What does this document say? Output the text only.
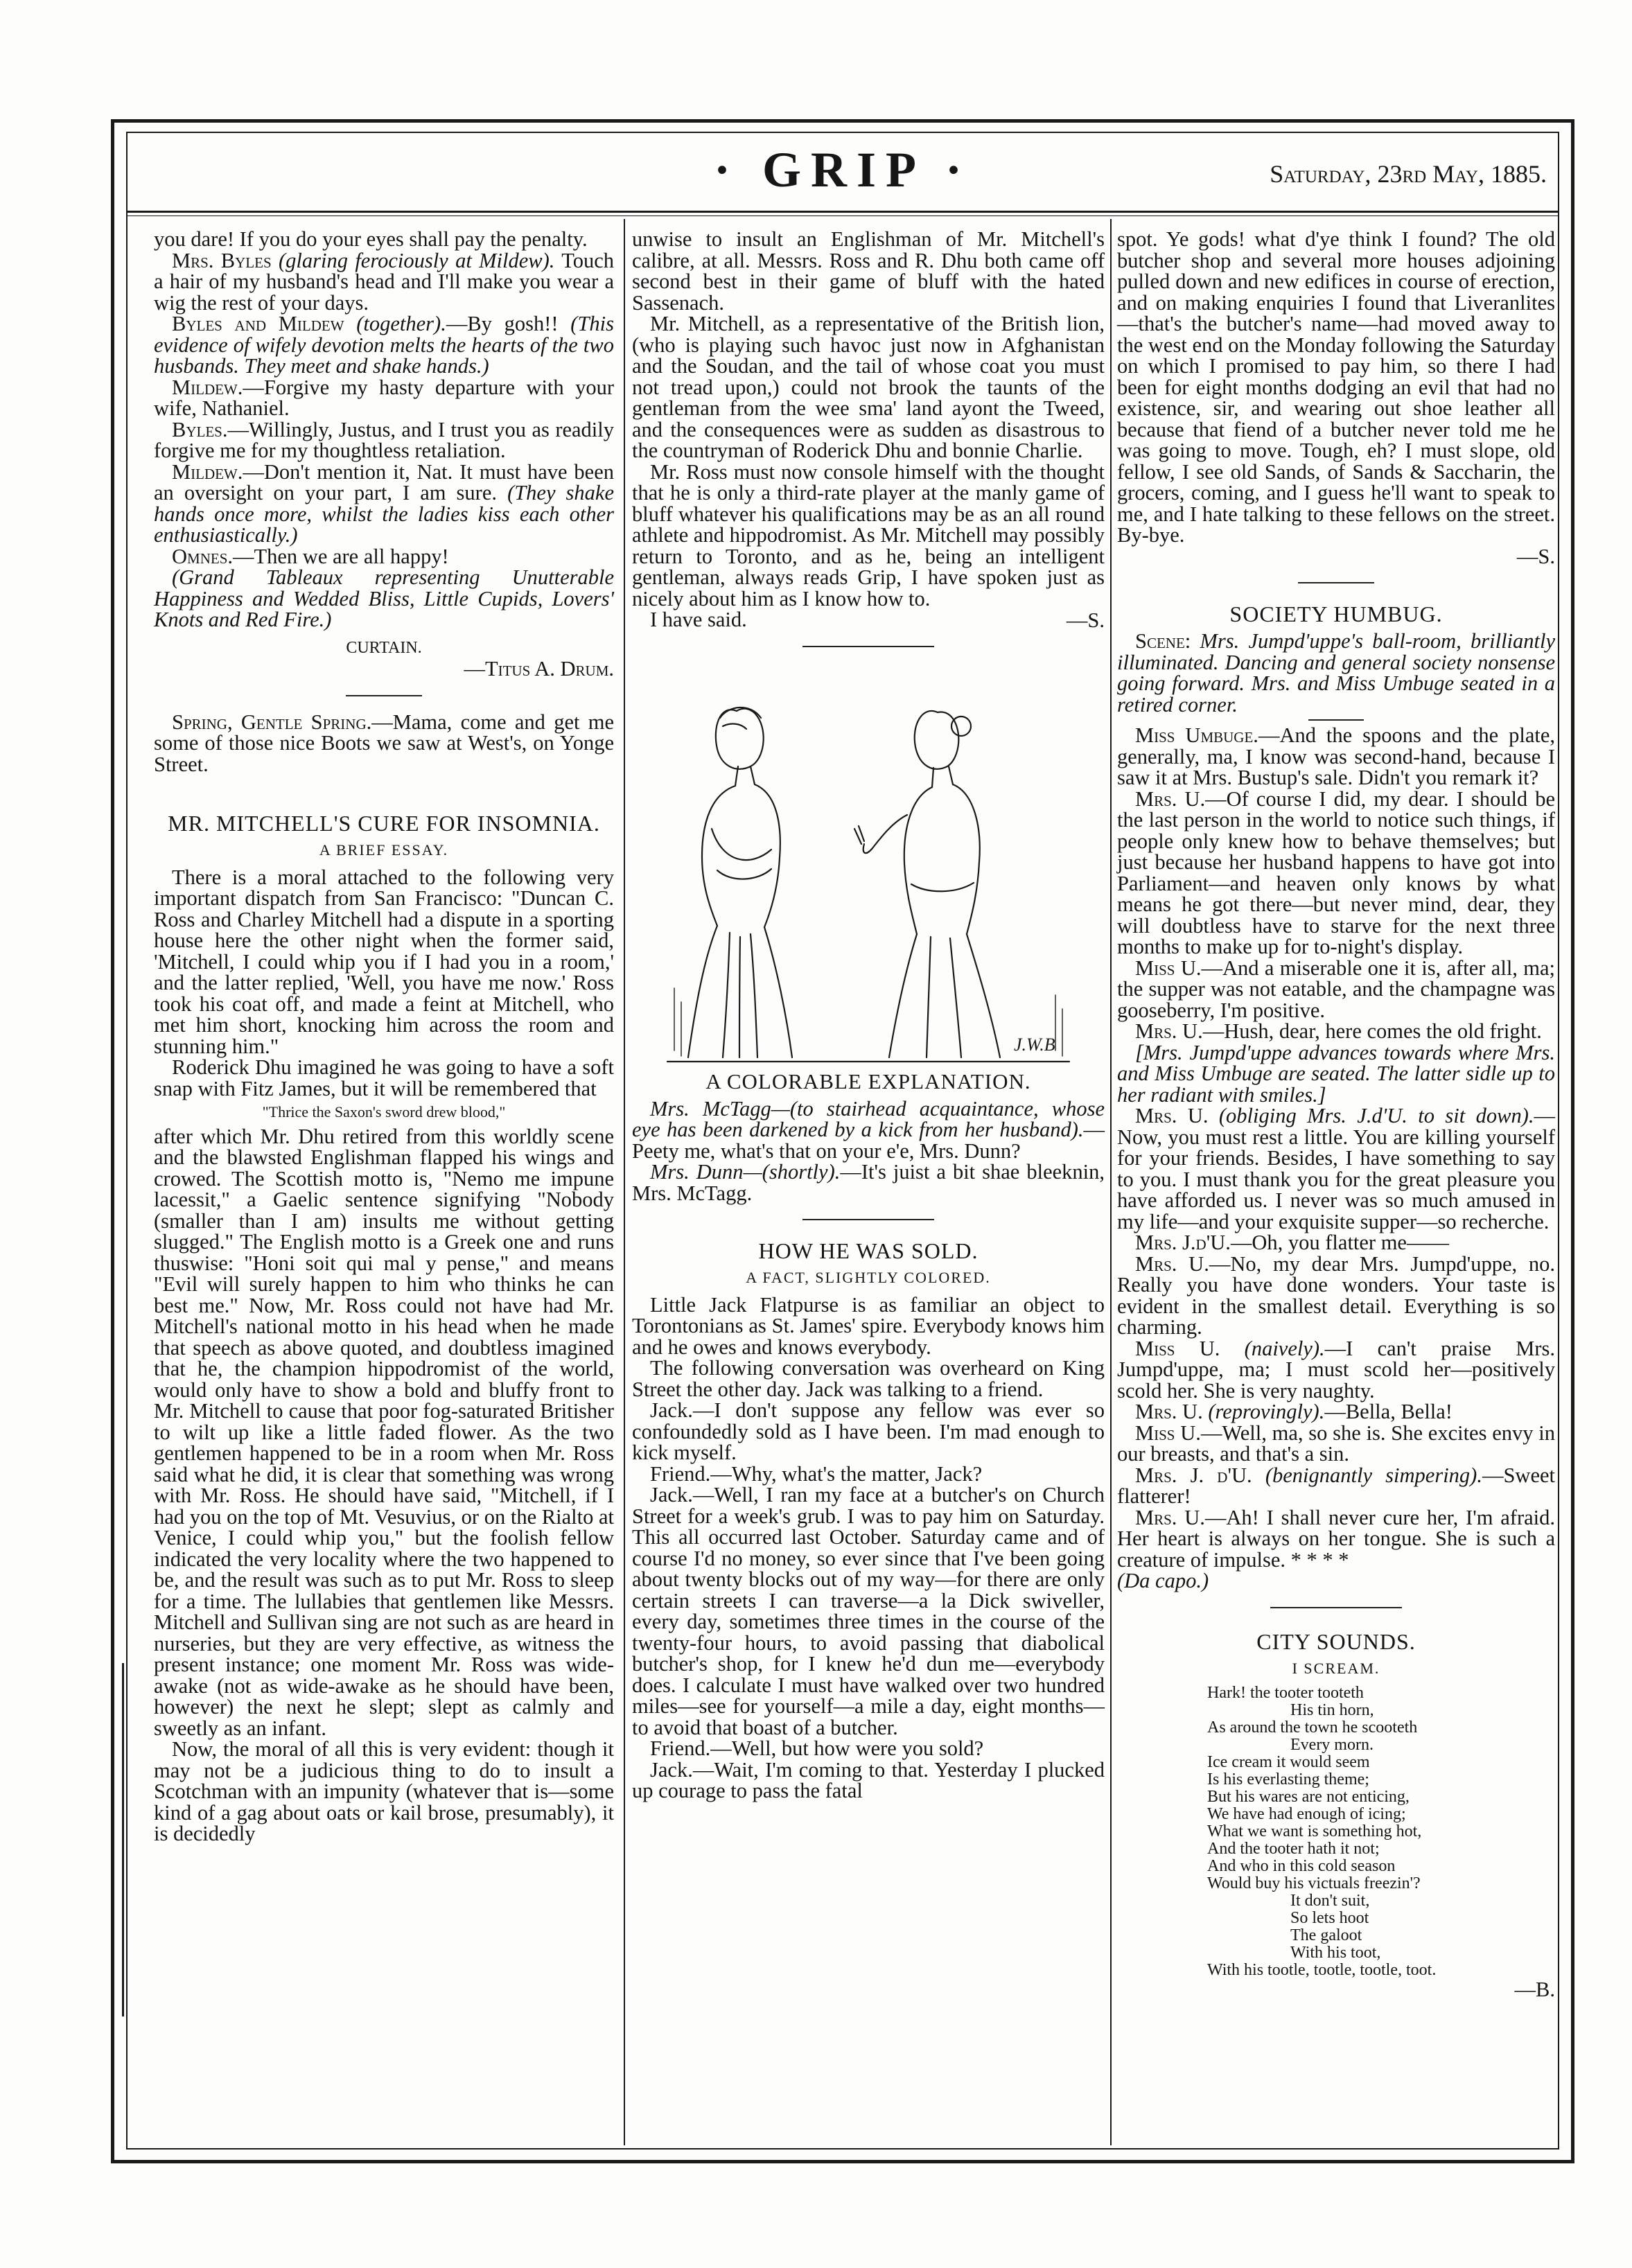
· GRIP ·	Saturday, 23rd May, 1885.

you dare! If you do your eyes shall pay the penalty.

Mrs. Byles (glaring ferociously at Mildew). Touch a hair of my husband's head and I'll make you wear a wig the rest of your days.

Byles and Mildew (together).—By gosh!! (This evidence of wifely devotion melts the hearts of the two husbands. They meet and shake hands.)

Mildew.—Forgive my hasty departure with your wife, Nathaniel.

Byles.—Willingly, Justus, and I trust you as readily forgive me for my thoughtless retaliation.

Mildew.—Don't mention it, Nat. It must have been an oversight on your part, I am sure. (They shake hands once more, whilst the ladies kiss each other enthusiastically.)

Omnes.—Then we are all happy!

(Grand Tableaux representing Unutterable Happiness and Wedded Bliss, Little Cupids, Lovers' Knots and Red Fire.)

CURTAIN.

—Titus A. Drum.

Spring, Gentle Spring.—Mama, come and get me some of those nice Boots we saw at West's, on Yonge Street.

MR. MITCHELL'S CURE FOR INSOMNIA.
A BRIEF ESSAY.

There is a moral attached to the following very important dispatch from San Francisco: "Duncan C. Ross and Charley Mitchell had a dispute in a sporting house here the other night when the former said, 'Mitchell, I could whip you if I had you in a room,' and the latter replied, 'Well, you have me now.' Ross took his coat off, and made a feint at Mitchell, who met him short, knocking him across the room and stunning him."

Roderick Dhu imagined he was going to have a soft snap with Fitz James, but it will be remembered that

"Thrice the Saxon's sword drew blood,"

after which Mr. Dhu retired from this worldly scene and the blawsted Englishman flapped his wings and crowed. The Scottish motto is, "Nemo me impune lacessit," a Gaelic sentence signifying "Nobody (smaller than I am) insults me without getting slugged." The English motto is a Greek one and runs thuswise: "Honi soit qui mal y pense," and means "Evil will surely happen to him who thinks he can best me." Now, Mr. Ross could not have had Mr. Mitchell's national motto in his head when he made that speech as above quoted, and doubtless imagined that he, the champion hippodromist of the world, would only have to show a bold and bluffy front to Mr. Mitchell to cause that poor fog-saturated Britisher to wilt up like a little faded flower. As the two gentlemen happened to be in a room when Mr. Ross said what he did, it is clear that something was wrong with Mr. Ross. He should have said, "Mitchell, if I had you on the top of Mt. Vesuvius, or on the Rialto at Venice, I could whip you," but the foolish fellow indicated the very locality where the two happened to be, and the result was such as to put Mr. Ross to sleep for a time. The lullabies that gentlemen like Messrs. Mitchell and Sullivan sing are not such as are heard in nurseries, but they are very effective, as witness the present instance; one moment Mr. Ross was wide-awake (not as wide-awake as he should have been, however) the next he slept; slept as calmly and sweetly as an infant.

Now, the moral of all this is very evident: though it may not be a judicious thing to do to insult a Scotchman with an impunity (whatever that is—some kind of a gag about oats or kail brose, presumably), it is decidedly

unwise to insult an Englishman of Mr. Mitchell's calibre, at all. Messrs. Ross and R. Dhu both came off second best in their game of bluff with the hated Sassenach.

Mr. Mitchell, as a representative of the British lion, (who is playing such havoc just now in Afghanistan and the Soudan, and the tail of whose coat you must not tread upon,) could not brook the taunts of the gentleman from the wee sma' land ayont the Tweed, and the consequences were as sudden as disastrous to the countryman of Roderick Dhu and bonnie Charlie.

Mr. Ross must now console himself with the thought that he is only a third-rate player at the manly game of bluff whatever his qualifications may be as an all round athlete and hippodromist. As Mr. Mitchell may possibly return to Toronto, and as he, being an intelligent gentleman, always reads Grip, I have spoken just as nicely about him as I know how to.

I have said.	—S.

J.W.B
A COLORABLE EXPLANATION.

Mrs. McTagg—(to stairhead acquaintance, whose eye has been darkened by a kick from her husband).—Peety me, what's that on your e'e, Mrs. Dunn?

Mrs. Dunn—(shortly).—It's juist a bit shae bleeknin, Mrs. McTagg.

HOW HE WAS SOLD.
A FACT, SLIGHTLY COLORED.

Little Jack Flatpurse is as familiar an object to Torontonians as St. James' spire. Everybody knows him and he owes and knows everybody.

The following conversation was overheard on King Street the other day. Jack was talking to a friend.

Jack.—I don't suppose any fellow was ever so confoundedly sold as I have been. I'm mad enough to kick myself.

Friend.—Why, what's the matter, Jack?

Jack.—Well, I ran my face at a butcher's on Church Street for a week's grub. I was to pay him on Saturday. This all occurred last October. Saturday came and of course I'd no money, so ever since that I've been going about twenty blocks out of my way—for there are only certain streets I can traverse—a la Dick swiveller, every day, sometimes three times in the course of the twenty-four hours, to avoid passing that diabolical butcher's shop, for I knew he'd dun me—everybody does. I calculate I must have walked over two hundred miles—see for yourself—a mile a day, eight months—to avoid that boast of a butcher.

Friend.—Well, but how were you sold?

Jack.—Wait, I'm coming to that. Yesterday I plucked up courage to pass the fatal

spot. Ye gods! what d'ye think I found? The old butcher shop and several more houses adjoining pulled down and new edifices in course of erection, and on making enquiries I found that Liveranlites—that's the butcher's name—had moved away to the west end on the Monday following the Saturday on which I promised to pay him, so there I had been for eight months dodging an evil that had no existence, sir, and wearing out shoe leather all because that fiend of a butcher never told me he was going to move. Tough, eh? I must slope, old fellow, I see old Sands, of Sands & Saccharin, the grocers, coming, and I guess he'll want to speak to me, and I hate talking to these fellows on the street. By-bye.

—S.

SOCIETY HUMBUG.

Scene: Mrs. Jumpd'uppe's ball-room, brilliantly illuminated. Dancing and general society nonsense going forward. Mrs. and Miss Umbuge seated in a retired corner.

Miss Umbuge.—And the spoons and the plate, generally, ma, I know was second-hand, because I saw it at Mrs. Bustup's sale. Didn't you remark it?

Mrs. U.—Of course I did, my dear. I should be the last person in the world to notice such things, if people only knew how to behave themselves; but just because her husband happens to have got into Parliament—and heaven only knows by what means he got there—but never mind, dear, they will doubtless have to starve for the next three months to make up for to-night's display.

Miss U.—And a miserable one it is, after all, ma; the supper was not eatable, and the champagne was gooseberry, I'm positive.

Mrs. U.—Hush, dear, here comes the old fright.

[Mrs. Jumpd'uppe advances towards where Mrs. and Miss Umbuge are seated. The latter sidle up to her radiant with smiles.]

Mrs. U. (obliging Mrs. J.d'U. to sit down).—Now, you must rest a little. You are killing yourself for your friends. Besides, I have something to say to you. I must thank you for the great pleasure you have afforded us. I never was so much amused in my life—and your exquisite supper—so recherche.

Mrs. J.d'U.—Oh, you flatter me——

Mrs. U.—No, my dear Mrs. Jumpd'uppe, no. Really you have done wonders. Your taste is evident in the smallest detail. Everything is so charming.

Miss U. (naively).—I can't praise Mrs. Jumpd'uppe, ma; I must scold her—positively scold her. She is very naughty.

Mrs. U. (reprovingly).—Bella, Bella!

Miss U.—Well, ma, so she is. She excites envy in our breasts, and that's a sin.

Mrs. J. d'U. (benignantly simpering).—Sweet flatterer!

Mrs. U.—Ah! I shall never cure her, I'm afraid. Her heart is always on her tongue. She is such a creature of impulse. * * * *

(Da capo.)

CITY SOUNDS.
I SCREAM.
Hark! the tooter tooteth
His tin horn,
As around the town he scooteth
Every morn.
Ice cream it would seem
Is his everlasting theme;
But his wares are not enticing,
We have had enough of icing;
What we want is something hot,
And the tooter hath it not;
And who in this cold season
Would buy his victuals freezin'?
It don't suit,
So lets hoot
The galoot
With his toot,
With his tootle, tootle, tootle, toot.

—B.
